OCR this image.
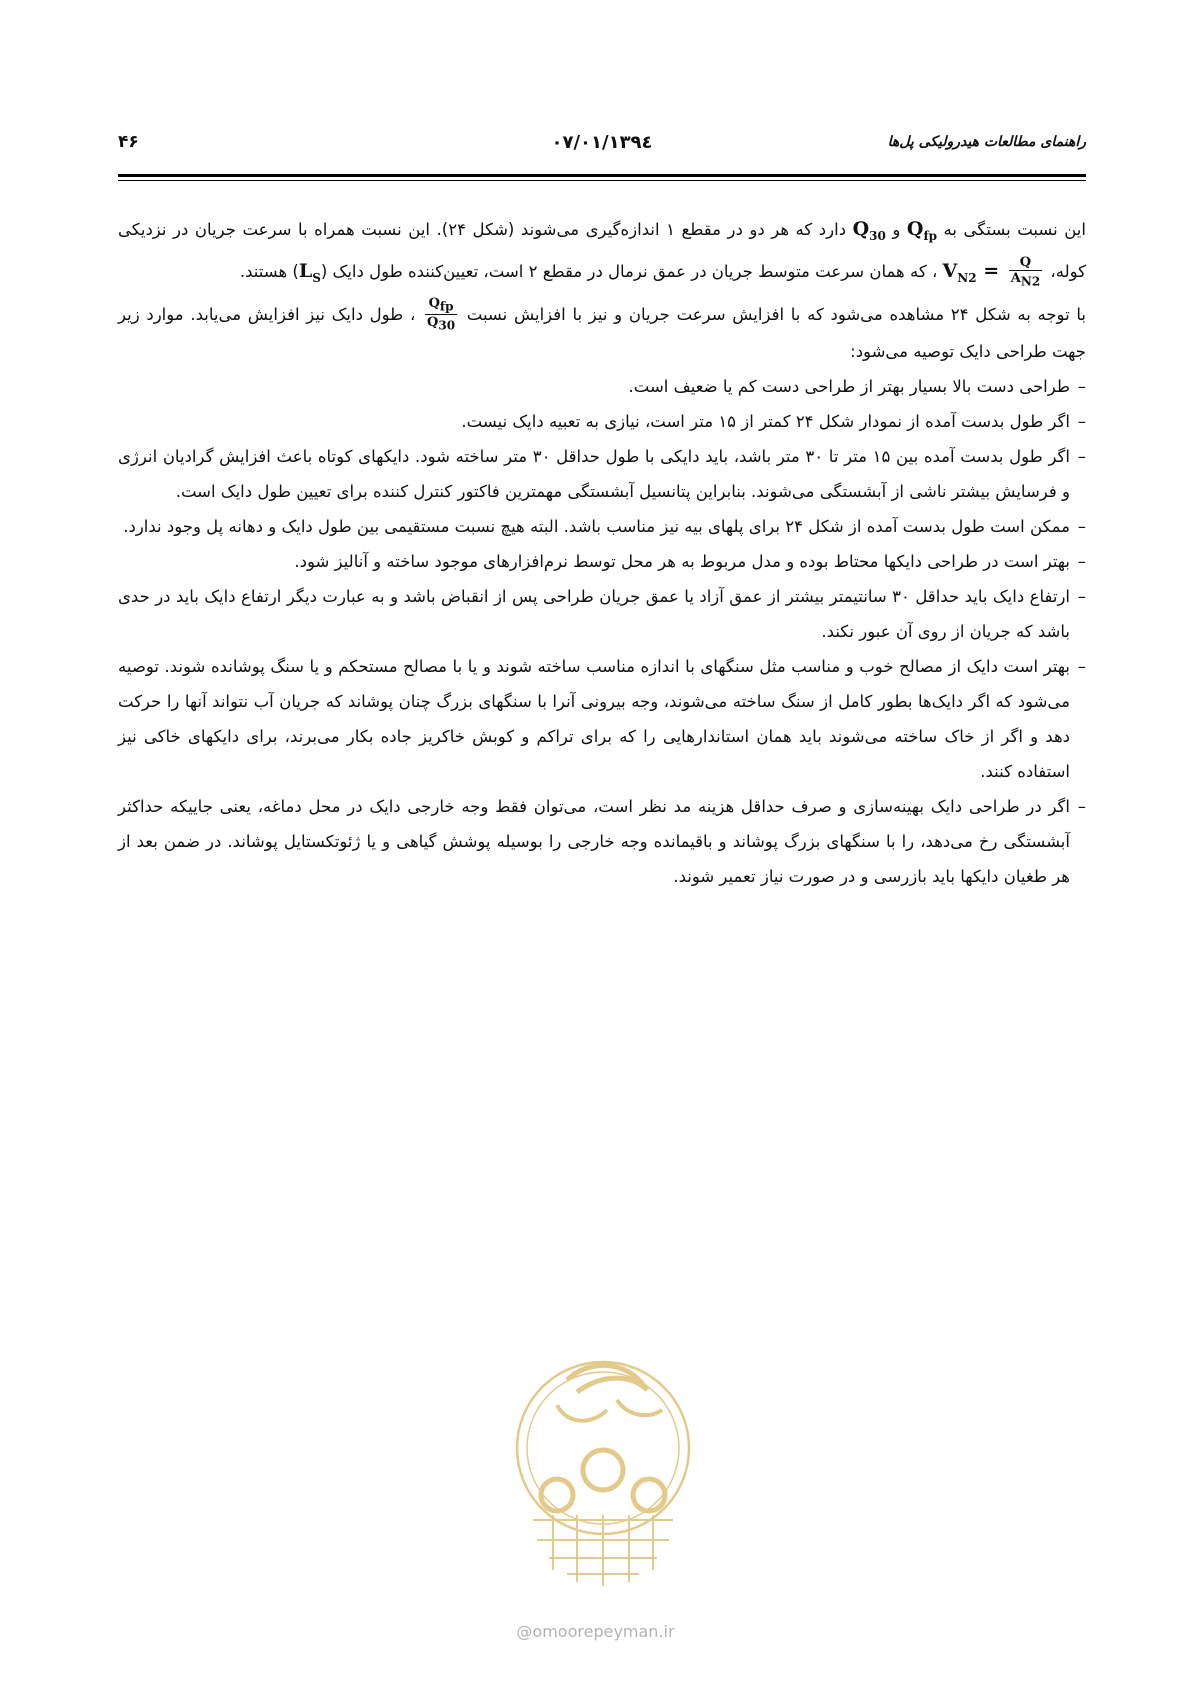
۴۶	۱۳۹٤/۰۷/۰۱	راهنمای مطالعات هیدرولیکی پل‌ها

این نسبت بستگی به $Q_{fp}$ و $Q_{30}$ دارد که هر دو در مقطع ۱ اندازه‌گیری می‌شوند (شکل ۲۴). این نسبت همراه با سرعت جریان در نزدیکی کوله، $V_{N2} = \frac{Q}{A_{N2}}$
، که همان سرعت متوسط جریان در عمق نرمال در مقطع ۲ است، تعیین‌کننده طول دایک $(L_S)$ هستند.

با توجه به شکل ۲۴ مشاهده می‌شود که با افزایش سرعت جریان و نیز با افزایش نسبت
$\frac{Q_{fp}}{Q_{30}}$
، طول دایک نیز افزایش می‌یابد. موارد زیر جهت طراحی دایک توصیه می‌شود:

–
طراحی دست بالا بسیار بهتر از طراحی دست کم یا ضعیف است.
–
اگر طول بدست آمده از نمودار شکل ۲۴ کمتر از ۱۵ متر است، نیازی به تعبیه دایک نیست.
–
اگر طول بدست آمده بین ۱۵ متر تا ۳۰ متر باشد، باید دایکی با طول حداقل ۳۰ متر ساخته شود. دایکهای کوتاه باعث افزایش گرادیان انرژی و فرسایش بیشتر ناشی از آبشستگی می‌شوند. بنابراین پتانسیل آبشستگی مهمترین فاکتور کنترل کننده برای تعیین طول دایک است.
–
ممکن است طول بدست آمده از شکل ۲۴ برای پلهای بیه نیز مناسب باشد. البته هیچ نسبت مستقیمی بین طول دایک و دهانه پل وجود ندارد.
–
بهتر است در طراحی دایکها محتاط بوده و مدل مربوط به هر محل توسط نرم‌افزارهای موجود ساخته و آنالیز شود.
–
ارتفاع دایک باید حداقل ۳۰ سانتیمتر بیشتر از عمق آزاد یا عمق جریان طراحی پس از انقباض باشد و به عبارت دیگر ارتفاع دایک باید در حدی باشد که جریان از روی آن عبور نکند.
–
بهتر است دایک از مصالح خوب و مناسب مثل سنگهای با اندازه مناسب ساخته شوند و یا با مصالح مستحکم و یا سنگ پوشانده شوند. توصیه می‌شود که اگر دایک‌ها بطور کامل از سنگ ساخته می‌شوند، وجه بیرونی آنرا با سنگهای بزرگ چنان پوشاند که جریان آب نتواند آنها را حرکت دهد و اگر از خاک ساخته می‌شوند باید همان استاندارهایی را که برای تراکم و کوبش خاکریز جاده بکار می‌برند، برای دایکهای خاکی نیز استفاده کنند.
–
اگر در طراحی دایک بهینه‌سازی و صرف حداقل هزینه مد نظر است، می‌توان فقط وجه خارجی دایک در محل دماغه، یعنی جاییکه حداکثر آبشستگی رخ می‌دهد، را با سنگهای بزرگ پوشاند و باقیمانده وجه خارجی را بوسیله پوشش گیاهی و یا ژئوتکستایل پوشاند. در ضمن بعد از هر طغیان دایکها باید بازرسی و در صورت نیاز تعمیر شوند.
@omoorepeyman.ir
